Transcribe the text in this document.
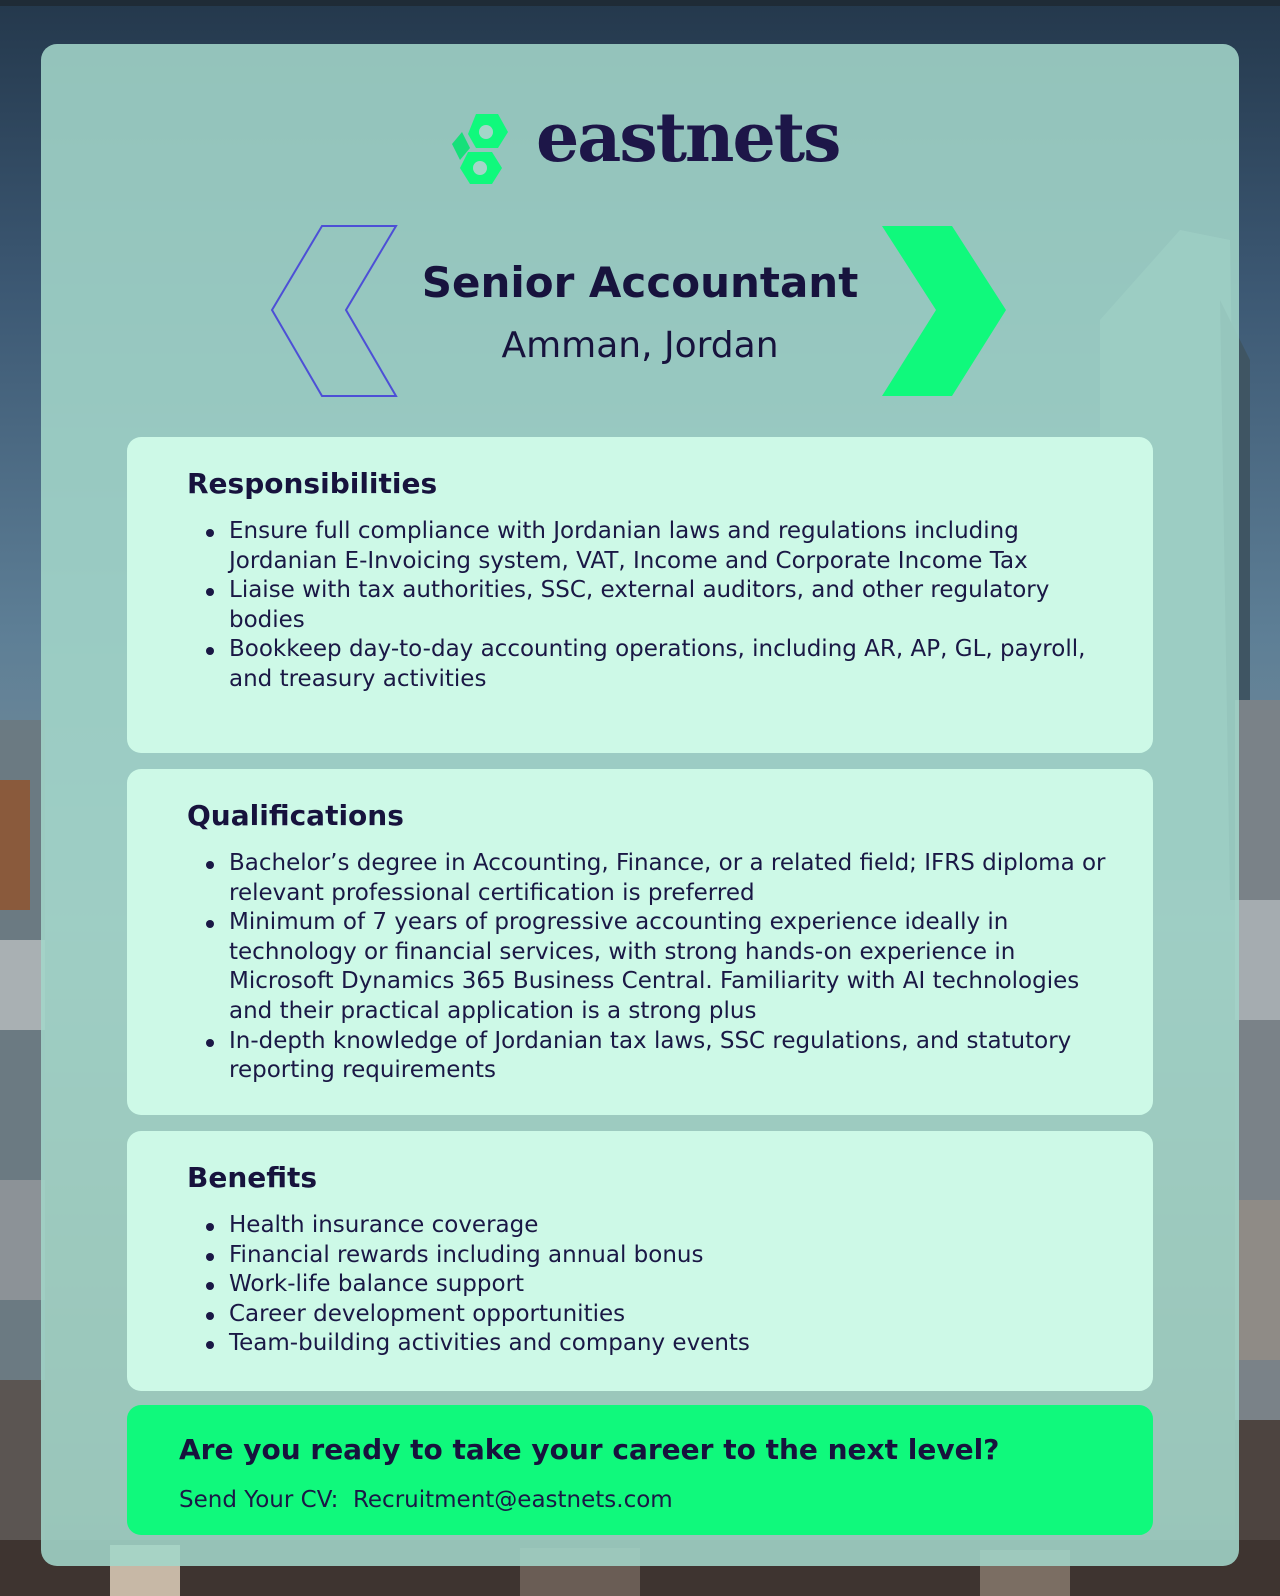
eastnets
Senior Accountant
Amman, Jordan
Responsibilities
Ensure full compliance with Jordanian laws and regulations including Jordanian E-Invoicing system, VAT, Income and Corporate Income Tax
Liaise with tax authorities, SSC, external auditors, and other regulatory bodies
Bookkeep day-to-day accounting operations, including AR, AP, GL, payroll, and treasury activities
Qualifications
Bachelor’s degree in Accounting, Finance, or a related field; IFRS diploma or relevant professional certification is preferred
Minimum of 7 years of progressive accounting experience ideally in technology or financial services, with strong hands-on experience in Microsoft Dynamics 365 Business Central. Familiarity with AI technologies and their practical application is a strong plus
In-depth knowledge of Jordanian tax laws, SSC regulations, and statutory reporting requirements
Benefits
Health insurance coverage
Financial rewards including annual bonus
Work-life balance support
Career development opportunities
Team-building activities and company events
Are you ready to take your career to the next level?
Send Your CV: Recruitment@eastnets.com
